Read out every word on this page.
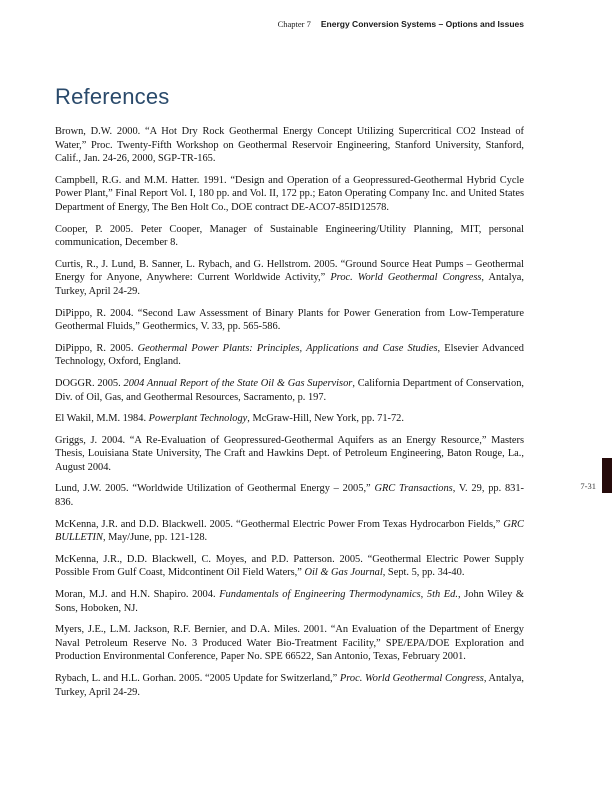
Chapter 7 Energy Conversion Systems – Options and Issues
References

Brown, D.W. 2000. “A Hot Dry Rock Geothermal Energy Concept Utilizing Supercritical CO2 Instead of Water,” Proc. Twenty-Fifth Workshop on Geothermal Reservoir Engineering, Stanford University, Stanford, Calif., Jan. 24-26, 2000, SGP-TR-165.

Campbell, R.G. and M.M. Hatter. 1991. “Design and Operation of a Geopressured-Geothermal Hybrid Cycle Power Plant,” Final Report Vol. I, 180 pp. and Vol. II, 172 pp.; Eaton Operating Company Inc. and United States Department of Energy, The Ben Holt Co., DOE contract DE-ACO7-85ID12578.

Cooper, P. 2005. Peter Cooper, Manager of Sustainable Engineering/Utility Planning, MIT, personal communication, December 8.

Curtis, R., J. Lund, B. Sanner, L. Rybach, and G. Hellstrom. 2005. “Ground Source Heat Pumps – Geothermal Energy for Anyone, Anywhere: Current Worldwide Activity,” Proc. World Geothermal Congress, Antalya, Turkey, April 24-29.

DiPippo, R. 2004. “Second Law Assessment of Binary Plants for Power Generation from Low-Temperature Geothermal Fluids,” Geothermics, V. 33, pp. 565-586.

DiPippo, R. 2005. Geothermal Power Plants: Principles, Applications and Case Studies, Elsevier Advanced Technology, Oxford, England.

DOGGR. 2005. 2004 Annual Report of the State Oil & Gas Supervisor, California Department of Conservation, Div. of Oil, Gas, and Geothermal Resources, Sacramento, p. 197.

El Wakil, M.M. 1984. Powerplant Technology, McGraw-Hill, New York, pp. 71-72.

Griggs, J. 2004. “A Re-Evaluation of Geopressured-Geothermal Aquifers as an Energy Resource,” Masters Thesis, Louisiana State University, The Craft and Hawkins Dept. of Petroleum Engineering, Baton Rouge, La., August 2004.

Lund, J.W. 2005. “Worldwide Utilization of Geothermal Energy – 2005,” GRC Transactions, V. 29, pp. 831-836.

McKenna, J.R. and D.D. Blackwell. 2005. “Geothermal Electric Power From Texas Hydrocarbon Fields,” GRC BULLETIN, May/June, pp. 121-128.

McKenna, J.R., D.D. Blackwell, C. Moyes, and P.D. Patterson. 2005. “Geothermal Electric Power Supply Possible From Gulf Coast, Midcontinent Oil Field Waters,” Oil & Gas Journal, Sept. 5, pp. 34-40.

Moran, M.J. and H.N. Shapiro. 2004. Fundamentals of Engineering Thermodynamics, 5th Ed., John Wiley & Sons, Hoboken, NJ.

Myers, J.E., L.M. Jackson, R.F. Bernier, and D.A. Miles. 2001. “An Evaluation of the Department of Energy Naval Petroleum Reserve No. 3 Produced Water Bio-Treatment Facility,” SPE/EPA/DOE Exploration and Production Environmental Conference, Paper No. SPE 66522, San Antonio, Texas, February 2001.

Rybach, L. and H.L. Gorhan. 2005. “2005 Update for Switzerland,” Proc. World Geothermal Congress, Antalya, Turkey, April 24-29.

7-31
